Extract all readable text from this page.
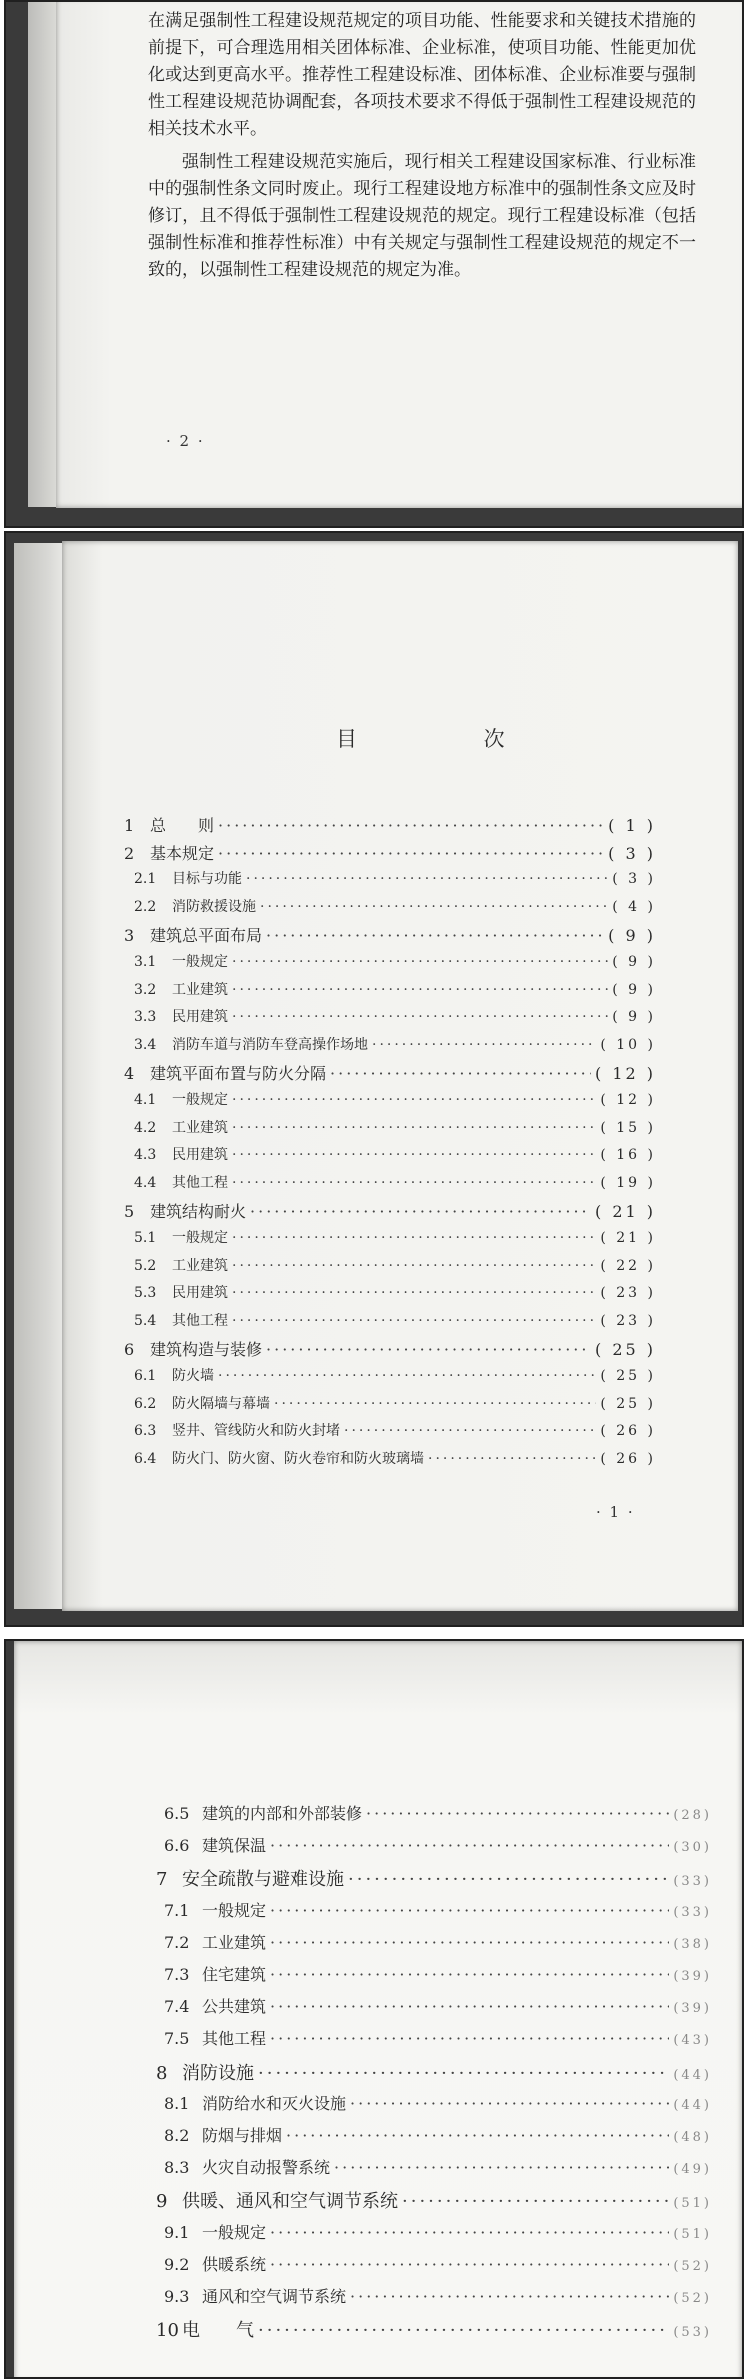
在满足强制性工程建设规范规定的项目功能、性能要求和关键技术措施的前提下，可合理选用相关团体标准、企业标准，使项目功能、性能更加优化或达到更高水平。推荐性工程建设标准、团体标准、企业标准要与强制性工程建设规范协调配套，各项技术要求不得低于强制性工程建设规范的相关技术水平。

强制性工程建设规范实施后，现行相关工程建设国家标准、行业标准中的强制性条文同时废止。现行工程建设地方标准中的强制性条文应及时修订，且不得低于强制性工程建设规范的规定。现行工程建设标准（包括强制性标准和推荐性标准）中有关规定与强制性工程建设规范的规定不一致的，以强制性工程建设规范的规定为准。

· 2 ·
目 次
1 总　　则 ·····	( 1 )
2 基本规定 ·····	( 3 )
2.1 目标与功能 ·····	( 3 )
2.2 消防救援设施 ·····	( 4 )
3 建筑总平面布局 ·····	( 9 )
3.1 一般规定 ·····	( 9 )
3.2 工业建筑 ·····	( 9 )
3.3 民用建筑 ·····	( 9 )
3.4 消防车道与消防车登高操作场地 ·····	( 10 )
4 建筑平面布置与防火分隔 ·····	( 12 )
4.1 一般规定 ·····	( 12 )
4.2 工业建筑 ·····	( 15 )
4.3 民用建筑 ·····	( 16 )
4.4 其他工程 ·····	( 19 )
5 建筑结构耐火 ·····	( 21 )
5.1 一般规定 ·····	( 21 )
5.2 工业建筑 ·····	( 22 )
5.3 民用建筑 ·····	( 23 )
5.4 其他工程 ·····	( 23 )
6 建筑构造与装修 ·····	( 25 )
6.1 防火墙 ·····	( 25 )
6.2 防火隔墙与幕墙 ·····	( 25 )
6.3 竖井、管线防火和防火封堵 ·····	( 26 )
6.4 防火门、防火窗、防火卷帘和防火玻璃墙 ·····	( 26 )
· 1 ·
6.5 建筑的内部和外部装修 ·····	(28)
6.6 建筑保温 ·····	(30)
7 安全疏散与避难设施 ·····	(33)
7.1 一般规定 ·····	(33)
7.2 工业建筑 ·····	(38)
7.3 住宅建筑 ·····	(39)
7.4 公共建筑 ·····	(39)
7.5 其他工程 ·····	(43)
8 消防设施 ·····	(44)
8.1 消防给水和灭火设施 ·····	(44)
8.2 防烟与排烟 ·····	(48)
8.3 火灾自动报警系统 ·····	(49)
9 供暖、通风和空气调节系统 ·····	(51)
9.1 一般规定 ·····	(51)
9.2 供暖系统 ·····	(52)
9.3 通风和空气调节系统 ·····	(52)
10 电　　气 ·····	(53)
